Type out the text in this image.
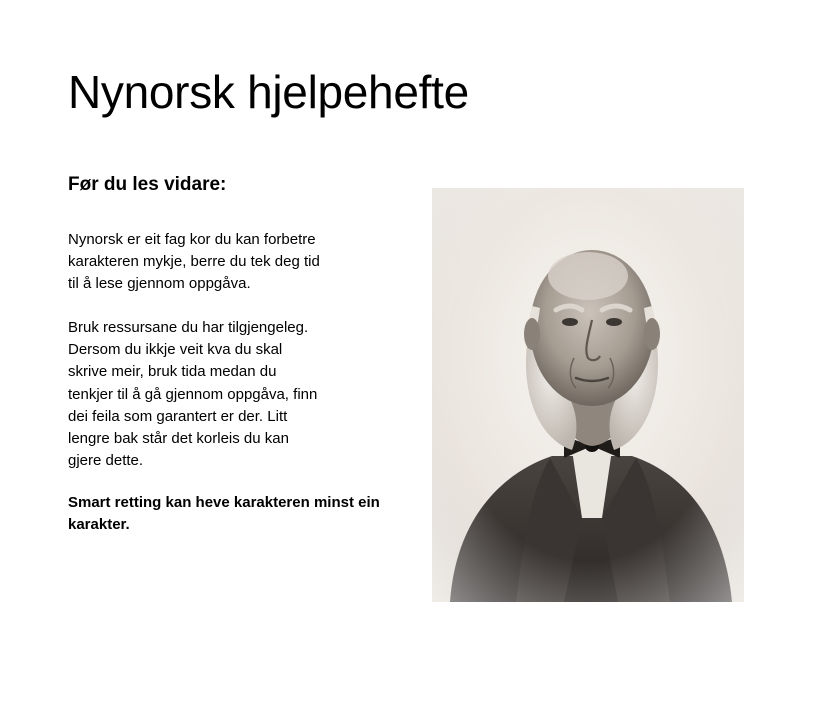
Nynorsk hjelpehefte
Før du les vidare:

Nynorsk er eit fag kor du kan forbetre
karakteren mykje, berre du tek deg tid
til å lese gjennom oppgåva.

Bruk ressursane du har tilgjengeleg.
Dersom du ikkje veit kva du skal
skrive meir, bruk tida medan du
tenkjer til å gå gjennom oppgåva, finn
dei feila som garantert er der. Litt
lengre bak står det korleis du kan
gjere dette.

Smart retting kan heve karakteren minst ein
karakter.
